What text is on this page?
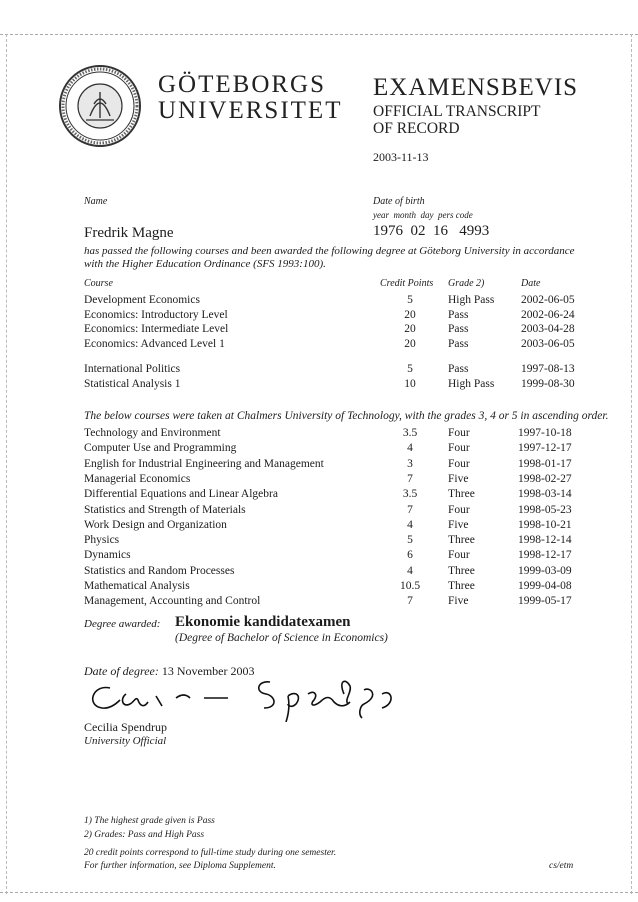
GÖTEBORGS
UNIVERSITET
EXAMENSBEVIS
OFFICIAL TRANSCRIPT
OF RECORD
2003-11-13
Name
Fredrik Magne
Date of birth
year  month  day  pers code
1976  02  16   4993
has passed the following courses and been awarded the following degree at Göteborg University in accordance
with the Higher Education Ordinance (SFS 1993:100).
Course	Credit Points Grade 2)	Date
Development Economics	5	High Pass 2002-06-05
Economics: Introductory Level	20	Pass	2002-06-24
Economics: Intermediate Level	20	Pass	2003-04-28
Economics: Advanced Level 1	20	Pass	2003-06-05
International Politics	5	Pass	1997-08-13
Statistical Analysis 1	10	High Pass 1999-08-30
The below courses were taken at Chalmers University of Technology, with the grades 3, 4 or 5 in ascending order.
Technology and Environment	3.5	Four	1997-10-18
Computer Use and Programming	4	Four	1997-12-17
English for Industrial Engineering and Management	3	Four	1998-01-17
Managerial Economics	7	Five	1998-02-27
Differential Equations and Linear Algebra	3.5	Three	1998-03-14
Statistics and Strength of Materials	7	Four	1998-05-23
Work Design and Organization	4	Five	1998-10-21
Physics	5	Three	1998-12-14
Dynamics	6	Four	1998-12-17
Statistics and Random Processes	4	Three	1999-03-09
Mathematical Analysis	10.5	Three	1999-04-08
Management, Accounting and Control	7	Five	1999-05-17
Degree awarded: Ekonomie kandidatexamen
(Degree of Bachelor of Science in Economics)
Date of degree: 13 November 2003
Cecilia Spendrup
University Official
1) The highest grade given is Pass
2) Grades: Pass and High Pass
20 credit points correspond to full-time study during one semester.
For further information, see Diploma Supplement.	cs/etm
